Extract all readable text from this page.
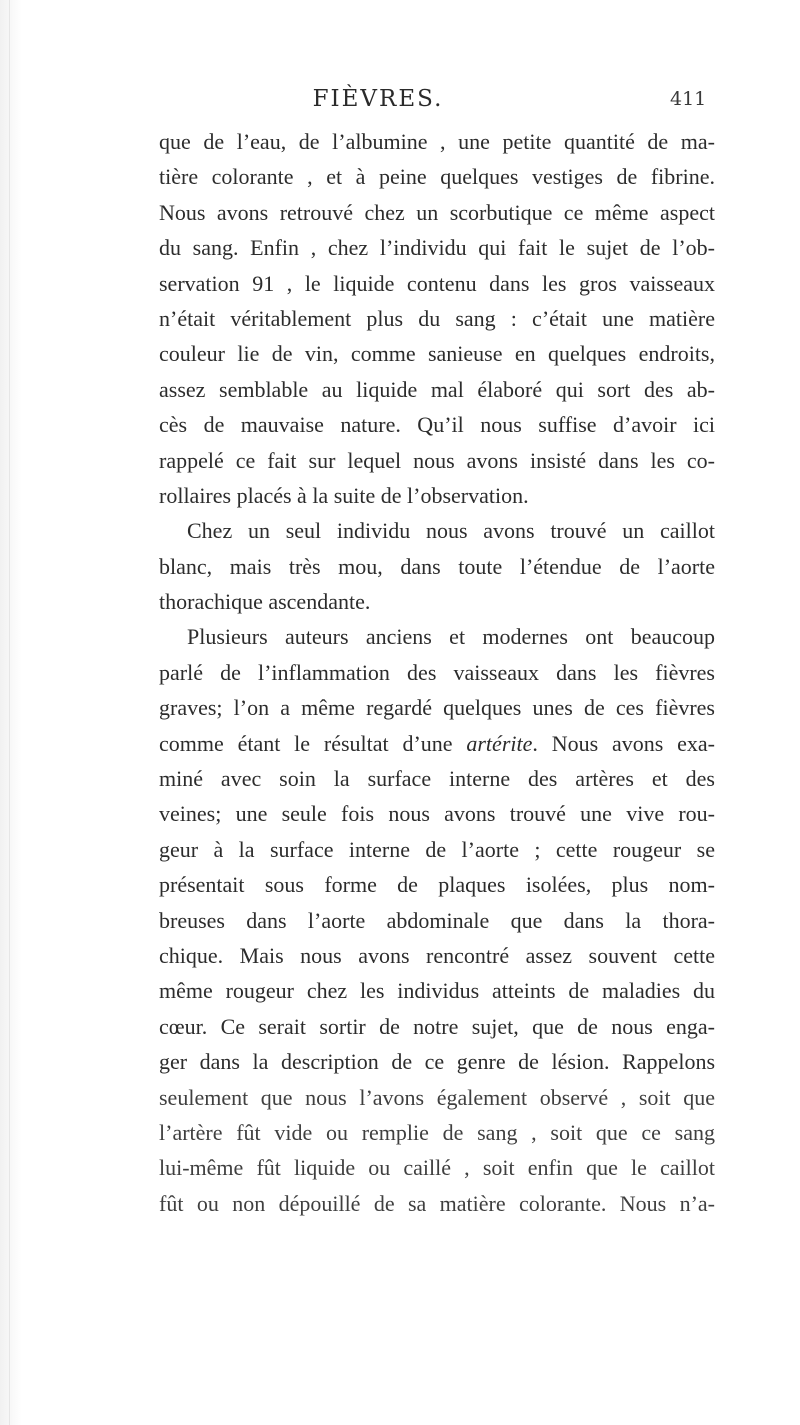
FIÈVRES.	411
que de l’eau, de l’albumine , une petite quantité de ma-
tière colorante , et à peine quelques vestiges de fibrine.
Nous avons retrouvé chez un scorbutique ce même aspect
du sang. Enfin , chez l’individu qui fait le sujet de l’ob-
servation 91 , le liquide contenu dans les gros vaisseaux
n’était véritablement plus du sang : c’était une matière
couleur lie de vin, comme sanieuse en quelques endroits,
assez semblable au liquide mal élaboré qui sort des ab-
cès de mauvaise nature. Qu’il nous suffise d’avoir ici
rappelé ce fait sur lequel nous avons insisté dans les co-
rollaires placés à la suite de l’observation.
Chez un seul individu nous avons trouvé un caillot
blanc, mais très mou, dans toute l’étendue de l’aorte
thorachique ascendante.
Plusieurs auteurs anciens et modernes ont beaucoup
parlé de l’inflammation des vaisseaux dans les fièvres
graves; l’on a même regardé quelques unes de ces fièvres
comme étant le résultat d’une artérite. Nous avons exa-
miné avec soin la surface interne des artères et des
veines; une seule fois nous avons trouvé une vive rou-
geur à la surface interne de l’aorte ; cette rougeur se
présentait sous forme de plaques isolées, plus nom-
breuses dans l’aorte abdominale que dans la thora-
chique. Mais nous avons rencontré assez souvent cette
même rougeur chez les individus atteints de maladies du
cœur. Ce serait sortir de notre sujet, que de nous enga-
ger dans la description de ce genre de lésion. Rappelons
seulement que nous l’avons également observé , soit que
l’artère fût vide ou remplie de sang , soit que ce sang
lui-même fût liquide ou caillé , soit enfin que le caillot
fût ou non dépouillé de sa matière colorante. Nous n’a-
